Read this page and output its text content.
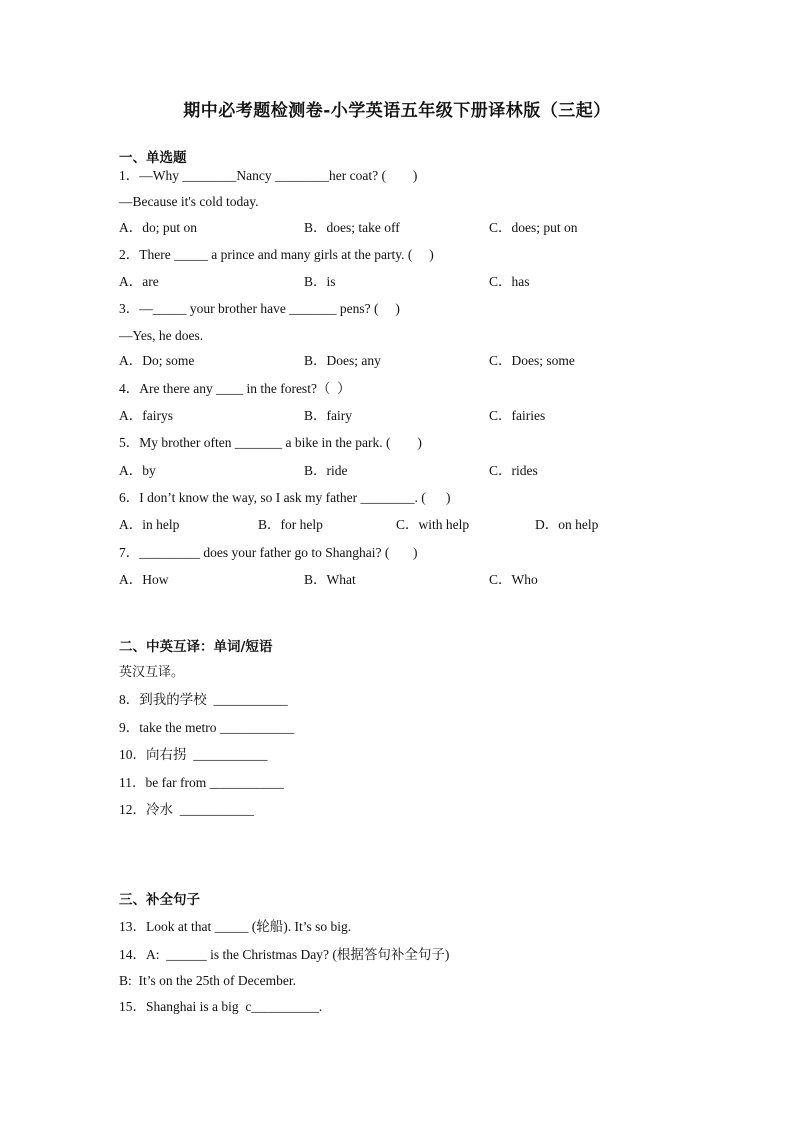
期中必考题检测卷-小学英语五年级下册译林版（三起）
一、单选题
1．—Why ________Nancy ________her coat? (        )
—Because it's cold today.
A．do; put on	B．does; take off	C．does; put on
2．There _____ a prince and many girls at the party. (     )
A．are	B．is	C．has
3．—_____ your brother have _______ pens? (     )
—Yes, he does.
A．Do; some	B．Does; any	C．Does; some
4．Are there any ____ in the forest?（  ）
A．fairys	B．fairy	C．fairies
5．My brother often _______ a bike in the park. (        )
A．by	B．ride	C．rides
6．I don’t know the way, so I ask my father ________. (      )
A．in help	B．for help	C．with help	D．on help
7．_________ does your father go to Shanghai? (       )
A．How	B．What	C．Who
二、中英互译：单词/短语
英汉互译。
8．到我的学校  ___________
9．take the metro ___________
10．向右拐  ___________
11．be far from ___________
12．冷水  ___________
三、补全句子
13．Look at that _____ (轮船). It’s so big.
14．A:  ______ is the Christmas Day? (根据答句补全句子)
B:  It’s on the 25th of December.
15．Shanghai is a big  c__________.
